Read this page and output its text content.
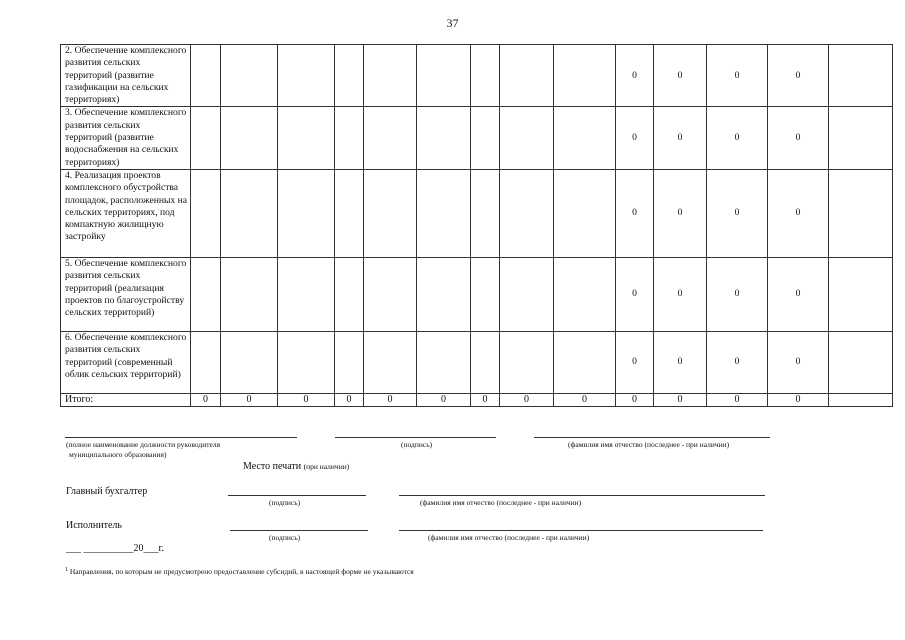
37
2. Обеспечение комплексного развития сельских территорий (развитие газификации на сельских территориях)										0	0	0	0	
3. Обеспечение комплексного развития сельских территорий (развитие водоснабжения на сельских территориях)										0	0	0	0	
4. Реализация проектов комплексного обустройства площадок, расположенных на сельских территориях, под компактную жилищную застройку										0	0	0	0	
5. Обеспечение комплексного развития сельских территорий (реализация проектов по благоустройству сельских территорий)										0	0	0	0	
6. Обеспечение комплексного развития сельских территорий (современный облик сельских территорий)										0	0	0	0	
Итого:	0	0	0	0	0	0	0	0	0	0	0	0	0	
(полное наименование должности руководителя
муниципального образования)
(подпись)	(фамилия имя отчество (последнее - при наличии)
Место печати (при наличии)
Главный бухгалтер
(подпись)	(фамилия имя отчество (последнее - при наличии)
Исполнитель
(подпись)	(фамилия имя отчество (последнее - при наличии)
___ __________20___г.
$^1$ Направления, по которым не предусмотрено предоставление субсидий, в настоящей форме не указываются
